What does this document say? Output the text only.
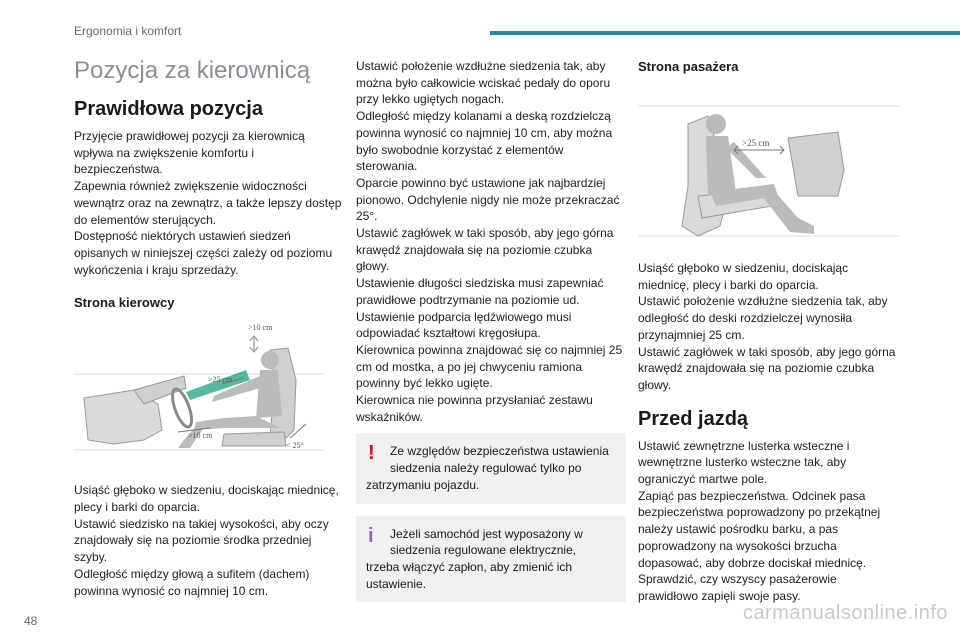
Ergonomia i komfort
Pozycja za kierownicą
Prawidłowa pozycja

Przyjęcie prawidłowej pozycji za kierownicą wpływa na zwiększenie komfortu i bezpieczeństwa.

Zapewnia również zwiększenie widoczności wewnątrz oraz na zewnątrz, a także lepszy dostęp do elementów sterujących.

Dostępność niektórych ustawień siedzeń opisanych w niniejszej części zależy od poziomu wykończenia i kraju sprzedaży.

Strona kierowcy
>10 cm
>25 cm
>10 cm
< 25°

Usiąść głęboko w siedzeniu, dociskając miednicę, plecy i barki do oparcia.

Ustawić siedzisko na takiej wysokości, aby oczy znajdowały się na poziomie środka przedniej szyby.

Odległość między głową a sufitem (dachem) powinna wynosić co najmniej 10 cm.

Ustawić położenie wzdłużne siedzenia tak, aby można było całkowicie wciskać pedały do oporu przy lekko ugiętych nogach.

Odległość między kolanami a deską rozdzielczą powinna wynosić co najmniej 10 cm, aby można było swobodnie korzystać z elementów sterowania.

Oparcie powinno być ustawione jak najbardziej pionowo. Odchylenie nigdy nie może przekraczać 25°.

Ustawić zagłówek w taki sposób, aby jego górna krawędź znajdowała się na poziomie czubka głowy.

Ustawienie długości siedziska musi zapewniać prawidłowe podtrzymanie na poziomie ud.

Ustawienie podparcia lędźwiowego musi odpowiadać kształtowi kręgosłupa.

Kierownica powinna znajdować się co najmniej 25 cm od mostka, a po jej chwyceniu ramiona powinny być lekko ugięte.

Kierownica nie powinna przysłaniać zestawu wskaźników.

!	Ze względów bezpieczeństwa ustawienia
siedzenia należy regulować tylko po
zatrzymaniu pojazdu.
i	Jeżeli samochód jest wyposażony w
siedzenia regulowane elektrycznie,
trzeba włączyć zapłon, aby zmienić ich ustawienie.
Strona pasażera
>25 cm

Usiąść głęboko w siedzeniu, dociskając miednicę, plecy i barki do oparcia.

Ustawić położenie wzdłużne siedzenia tak, aby odległość do deski rozdzielczej wynosiła przynajmniej 25 cm.

Ustawić zagłówek w taki sposób, aby jego górna krawędź znajdowała się na poziomie czubka głowy.

Przed jazdą

Ustawić zewnętrzne lusterka wsteczne i wewnętrzne lusterko wsteczne tak, aby ograniczyć martwe pole.

Zapiąć pas bezpieczeństwa. Odcinek pasa bezpieczeństwa poprowadzony po przekątnej należy ustawić pośrodku barku, a pas poprowadzony na wysokości brzucha dopasować, aby dobrze dociskał miednicę.

Sprawdzić, czy wszyscy pasażerowie prawidłowo zapięli swoje pasy.

48	carmanualsonline.info
